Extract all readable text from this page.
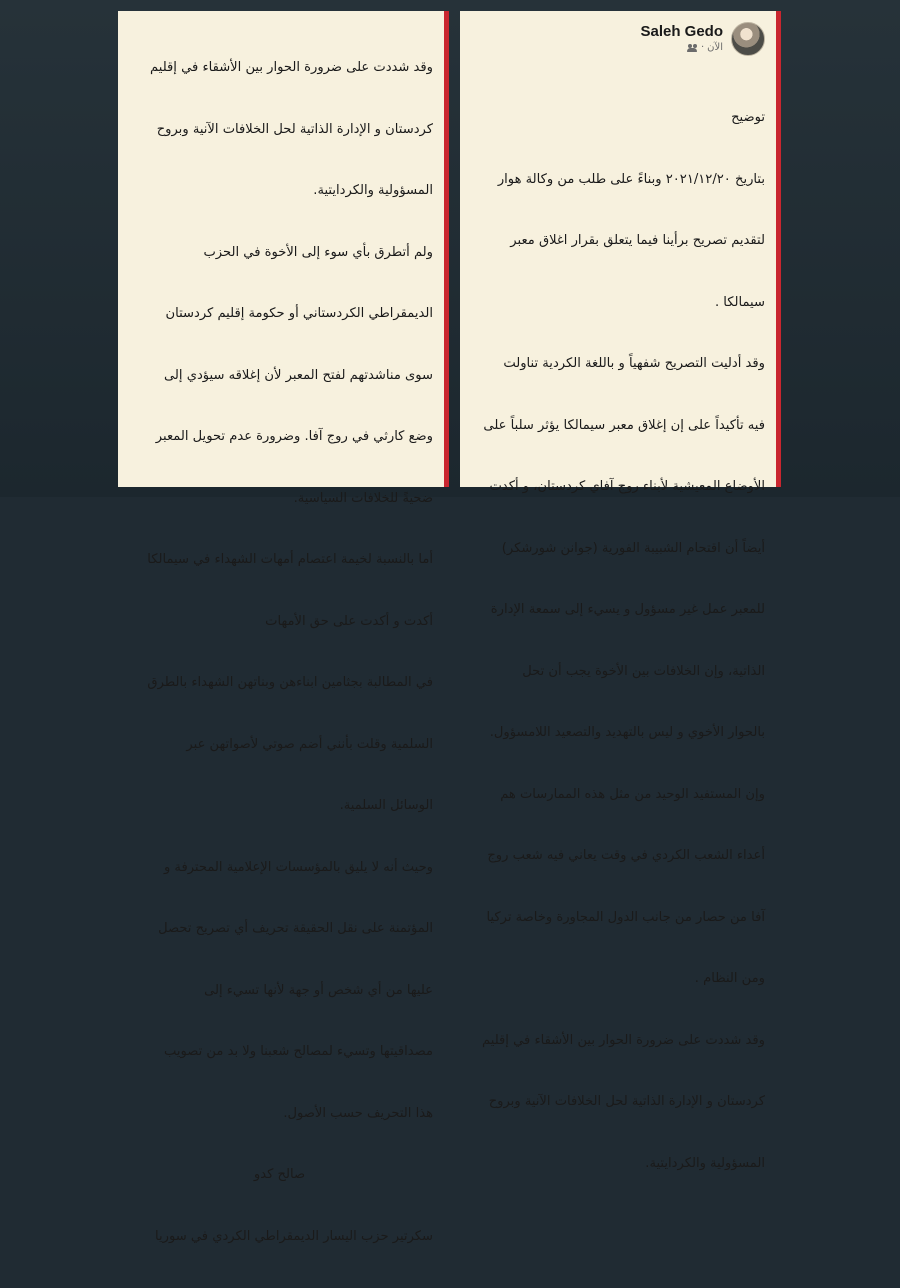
وقد شددت على ضرورة الحوار بين الأشقاء في إقليم

كردستان و الإدارة الذاتية لحل الخلافات الآنية وبروح

المسؤولية والكردايتية.

ولم أتطرق بأي سوء إلى الأخوة في الحزب

الديمقراطي الكردستاني أو حكومة إقليم كردستان

سوى مناشدتهم لفتح المعبر لأن إغلاقه سيؤدي إلى

وضع كارثي في روج آفا. وضرورة عدم تحويل المعبر

ضحيةً للخلافات السياسية.

أما بالنسبة لخيمة اعتصام أمهات الشهداء في سيمالكا

أكدت و أكدت على حق الأمهات

في المطالبة بجثامين ابناءهن وبناتهن الشهداء بالطرق

السلمية وقلت بأنني أضم صوتي لأصواتهن عبر

الوسائل السلمية.

وحيث أنه لا يليق بالمؤسسات الإعلامية المحترفة و

المؤتمنة على نقل الحقيقة تحريف أي تصريح تحصل

عليها من أي شخص أو جهة لأنها تسيء إلى

مصداقيتها وتسيء لمصالح شعبنا ولا بد من تصويب

هذا التحريف حسب الأصول.

صالح كدو

سكرتير حزب اليسار الديمقراطي الكردي في سوريا

Saleh Gedo
الآن
·

توضيح

بتاريخ ٢٠٢١/١٢/٢٠ وبناءً على طلب من وكالة هوار

لتقديم تصريح برأينا فيما يتعلق بقرار اغلاق معبر

سيمالكا .

وقد أدليت التصريح شفهياً و باللغة الكردية تناولت

فيه تأكيداً على إن إغلاق معبر سيمالكا يؤثر سلباً على

الأوضاع المعيشية لأبناء روج آفاي كردستان، و أكدت

أيضاً أن اقتحام الشبيبة الفورية (جوانن شورشكر)

للمعبر عمل غير مسؤول و يسيء إلى سمعة الإدارة

الذاتية، وإن الخلافات بين الأخوة يجب أن تحل

بالحوار الأخوي و ليس بالتهديد والتصعيد اللامسؤول.

وإن المستفيد الوحيد من مثل هذه الممارسات هم

أعداء الشعب الكردي في وقت يعاني فيه شعب روج

آفا من حصار من جانب الدول المجاورة وخاصة تركيا

ومن النظام .

وقد شددت على ضرورة الحوار بين الأشقاء في إقليم

كردستان و الإدارة الذاتية لحل الخلافات الآنية وبروح

المسؤولية والكردايتية.
